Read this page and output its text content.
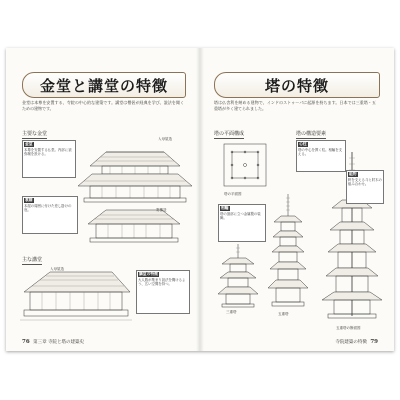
金堂と講堂の特徴
金堂は本尊を安置する、寺院の中心的な建築です。講堂は僧侶が経典を学び、説法を聞くための建物です。
主要な金堂
入母屋造
金堂
本尊を安置する仏堂。内部に須弥壇を設ける。
寄棟造
裳階
本屋の周囲に付けた差し掛けの庇。
主な講堂
入母屋造
講堂の特徴
大人数が集まり説法を聞けるよう、広い空間を持つ。
76 第三章 寺院と塔の建築史
塔の特徴
塔は仏舎利を納める建物で、インドのストゥーパに起源を持ちます。日本では三重塔・五重塔が多く建てられました。
塔の平面構成	塔の構造要素
塔の平面図
心柱
塔の中心を貫く柱。相輪を支える。
三重塔	五重塔
相輪
塔の頂部に立つ金属製の装飾。
五重塔の断面図
組物
軒を支える斗と肘木の組み合わせ。
寺院建築の特徴 79
